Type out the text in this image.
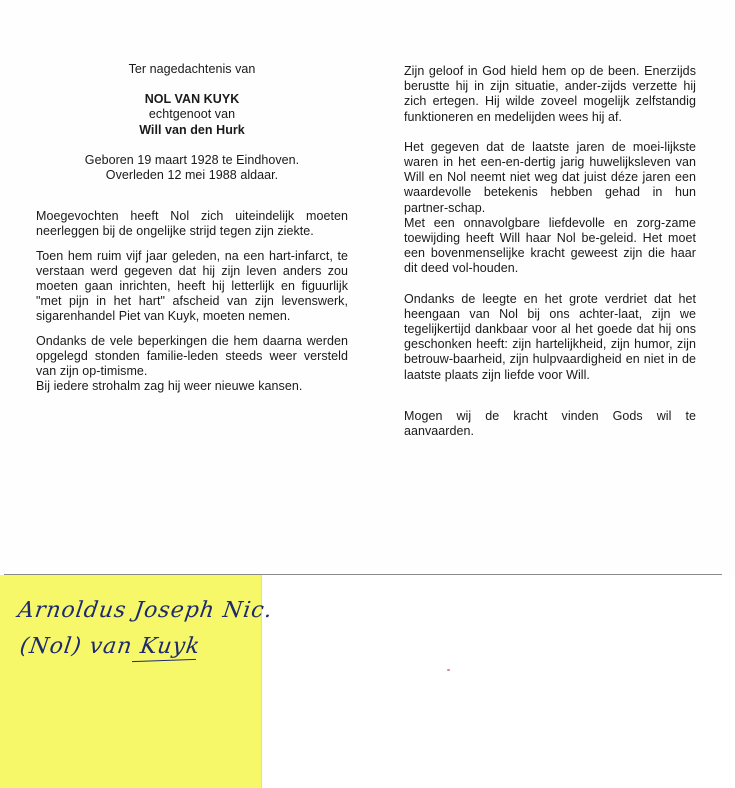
Ter nagedachtenis van
NOL VAN KUYK
echtgenoot van
Will van den Hurk
Geboren 19 maart 1928 te Eindhoven.
Overleden 12 mei 1988 aldaar.
Moegevochten heeft Nol zich uiteindelijk moeten neerleggen bij de ongelijke strijd tegen zijn ziekte.
Toen hem ruim vijf jaar geleden, na een hart-infarct, te verstaan werd gegeven dat hij zijn leven anders zou moeten gaan inrichten, heeft hij letterlijk en figuurlijk "met pijn in het hart" afscheid van zijn levenswerk, sigarenhandel Piet van Kuyk, moeten nemen.
Ondanks de vele beperkingen die hem daarna werden opgelegd stonden familie-leden steeds weer versteld van zijn op-timisme.
Bij iedere strohalm zag hij weer nieuwe kansen.
Zijn geloof in God hield hem op de been. Enerzijds berustte hij in zijn situatie, ander-zijds verzette hij zich ertegen. Hij wilde zoveel mogelijk zelfstandig funktioneren en medelijden wees hij af.
Het gegeven dat de laatste jaren de moei-lijkste waren in het een-en-dertig jarig huwelijksleven van Will en Nol neemt niet weg dat juist déze jaren een waardevolle betekenis hebben gehad in hun partner-schap.
Met een onnavolgbare liefdevolle en zorg-zame toewijding heeft Will haar Nol be-geleid. Het moet een bovenmenselijke kracht geweest zijn die haar dit deed vol-houden.
Ondanks de leegte en het grote verdriet dat het heengaan van Nol bij ons achter-laat, zijn we tegelijkertijd dankbaar voor al het goede dat hij ons geschonken heeft: zijn hartelijkheid, zijn humor, zijn betrouw-baarheid, zijn hulpvaardigheid en niet in de laatste plaats zijn liefde voor Will.
Mogen wij de kracht vinden Gods wil te aanvaarden.
Arnoldus Joseph Nic.
(Nol) van Kuyk
